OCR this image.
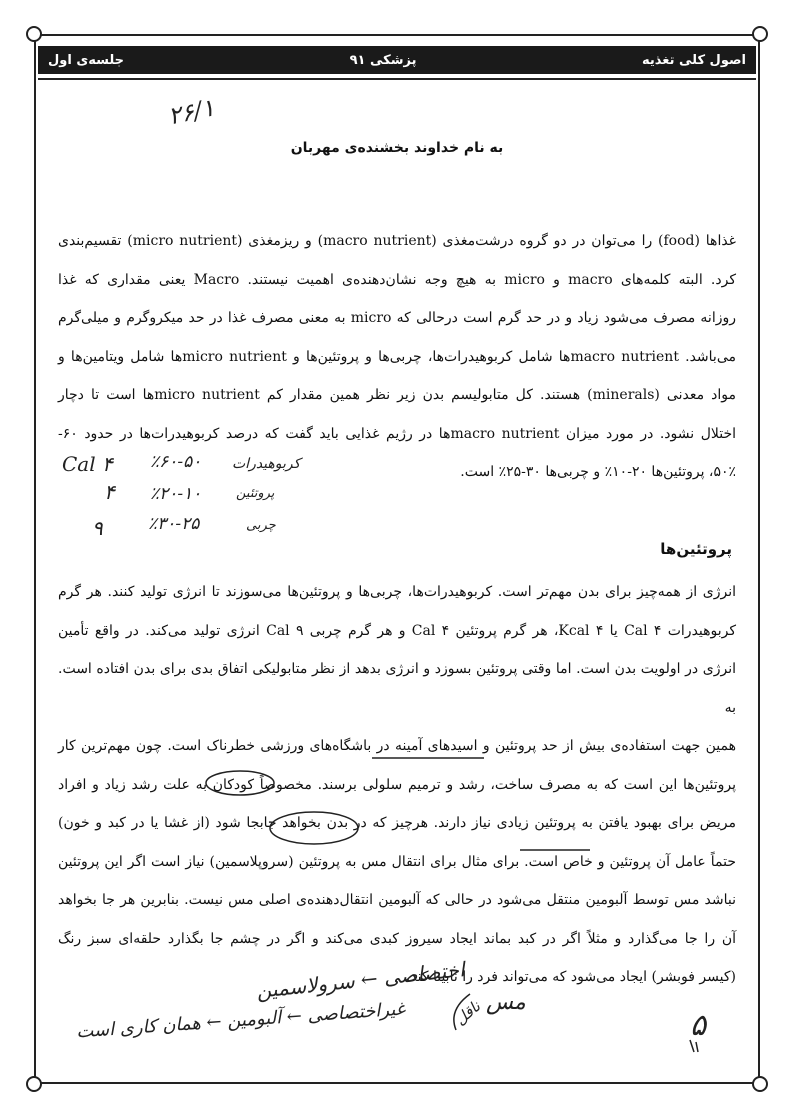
اصول کلی تغذیه
پزشکی ۹۱
جلسه‌ی اول
۲۶/۱
به نام خداوند بخشنده‌ی مهربان
غذاها (food) را می‌توان در دو گروه درشت‌مغذی (macro nutrient) و ریزمغذی (micro nutrient) تقسیم‌بندی
کرد. البته کلمه‌های macro و micro به هیچ وجه نشان‌دهنده‌ی اهمیت نیستند. Macro یعنی مقداری که غذا
روزانه مصرف می‌شود زیاد و در حد گرم است درحالی که micro به معنی مصرف غذا در حد میکروگرم و میلی‌گرم
می‌باشد. macro nutrientها شامل کربوهیدرات‌ها، چربی‌ها و پروتئین‌ها و micro nutrientها شامل ویتامین‌ها و
مواد معدنی (minerals) هستند. کل متابولیسم بدن زیر نظر همین مقدار کم micro nutrientها است تا دچار
اختلال نشود. در مورد میزان macro nutrientها در رژیم غذایی باید گفت که درصد کربوهیدرات‌ها در حدود ۶۰-
۵۰٪، پروتئین‌ها ۲۰-۱۰٪ و چربی‌ها ۳۰-۲۵٪ است.
Cal ۴ ٪۶۰-۵۰ کربوهیدرات
۴ ٪۲۰-۱۰	پروتئین
۹	٪۳۰-۲۵	چربی
پروتئین‌ها
انرژی از همه‌چیز برای بدن مهم‌تر است. کربوهیدرات‌ها، چربی‌ها و پروتئین‌ها می‌سوزند تا انرژی تولید کنند. هر گرم
کربوهیدرات ۴ Cal یا ۴ Kcal، هر گرم پروتئین ۴ Cal و هر گرم چربی ۹ Cal انرژی تولید می‌کند. در واقع تأمین
انرژی در اولویت بدن است. اما وقتی پروتئین بسوزد و انرژی بدهد از نظر متابولیکی اتفاق بدی برای بدن افتاده است. به
همین جهت استفاده‌ی بیش از حد پروتئین و اسیدهای آمینه در باشگاه‌های ورزشی خطرناک است. چون مهم‌ترین کار
پروتئین‌ها این است که به مصرف ساخت، رشد و ترمیم سلولی برسند. مخصوصاً کودکان به علت رشد زیاد و افراد
مریض برای بهبود یافتن به پروتئین زیادی نیاز دارند. هرچیز که در بدن بخواهد جابجا شود (از غشا یا در کبد و خون)
حتماً عامل آن پروتئین و خاص است. برای مثال برای انتقال مس به پروتئین (سروپلاسمین) نیاز است اگر این پروتئین
نباشد مس توسط آلبومین منتقل می‌شود در حالی که آلبومین انتقال‌دهنده‌ی اصلی مس نیست. بنابرین هر جا بخواهد
آن را جا می‌گذارد و مثلاً اگر در کبد بماند ایجاد سیروز کبدی می‌کند و اگر در چشم جا بگذارد حلقه‌ای سبز رنگ
(کیسر فوبشر) ایجاد می‌شود که می‌تواند فرد را نابینا کند.
اختصاصی ← سرولاسمین مس
ناقل
غیراختصاصی ← آلبومین ← همان کاری است	۵
